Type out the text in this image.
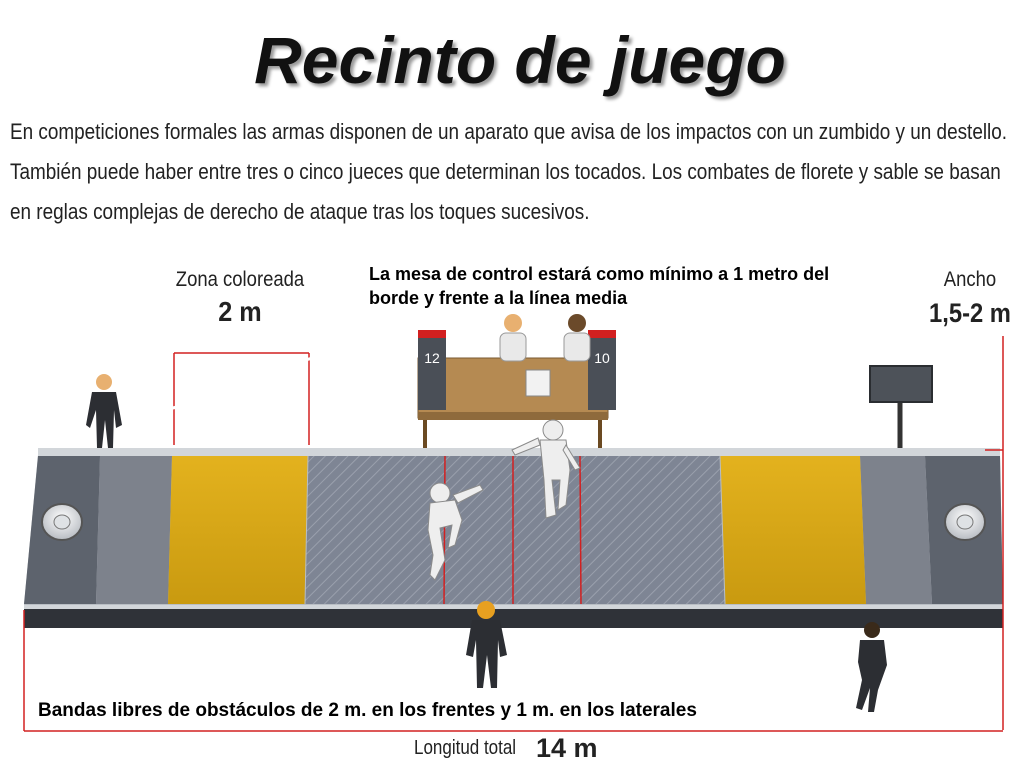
Recinto de juego
En competiciones formales las armas disponen de un aparato que avisa de los impactos con un zumbido y un destello. También puede haber entre tres o cinco jueces que determinan los tocados. Los combates de florete y sable se basan en reglas complejas de derecho de ataque tras los toques sucesivos.
12	10
Zona coloreada
2 m
Ancho
1,5-2 m
La mesa de control estará como mínimo a 1 metro del borde y frente a la línea media
Bandas libres de obstáculos de 2 m. en los frentes y 1 m. en los laterales
Longitud total 14 m
